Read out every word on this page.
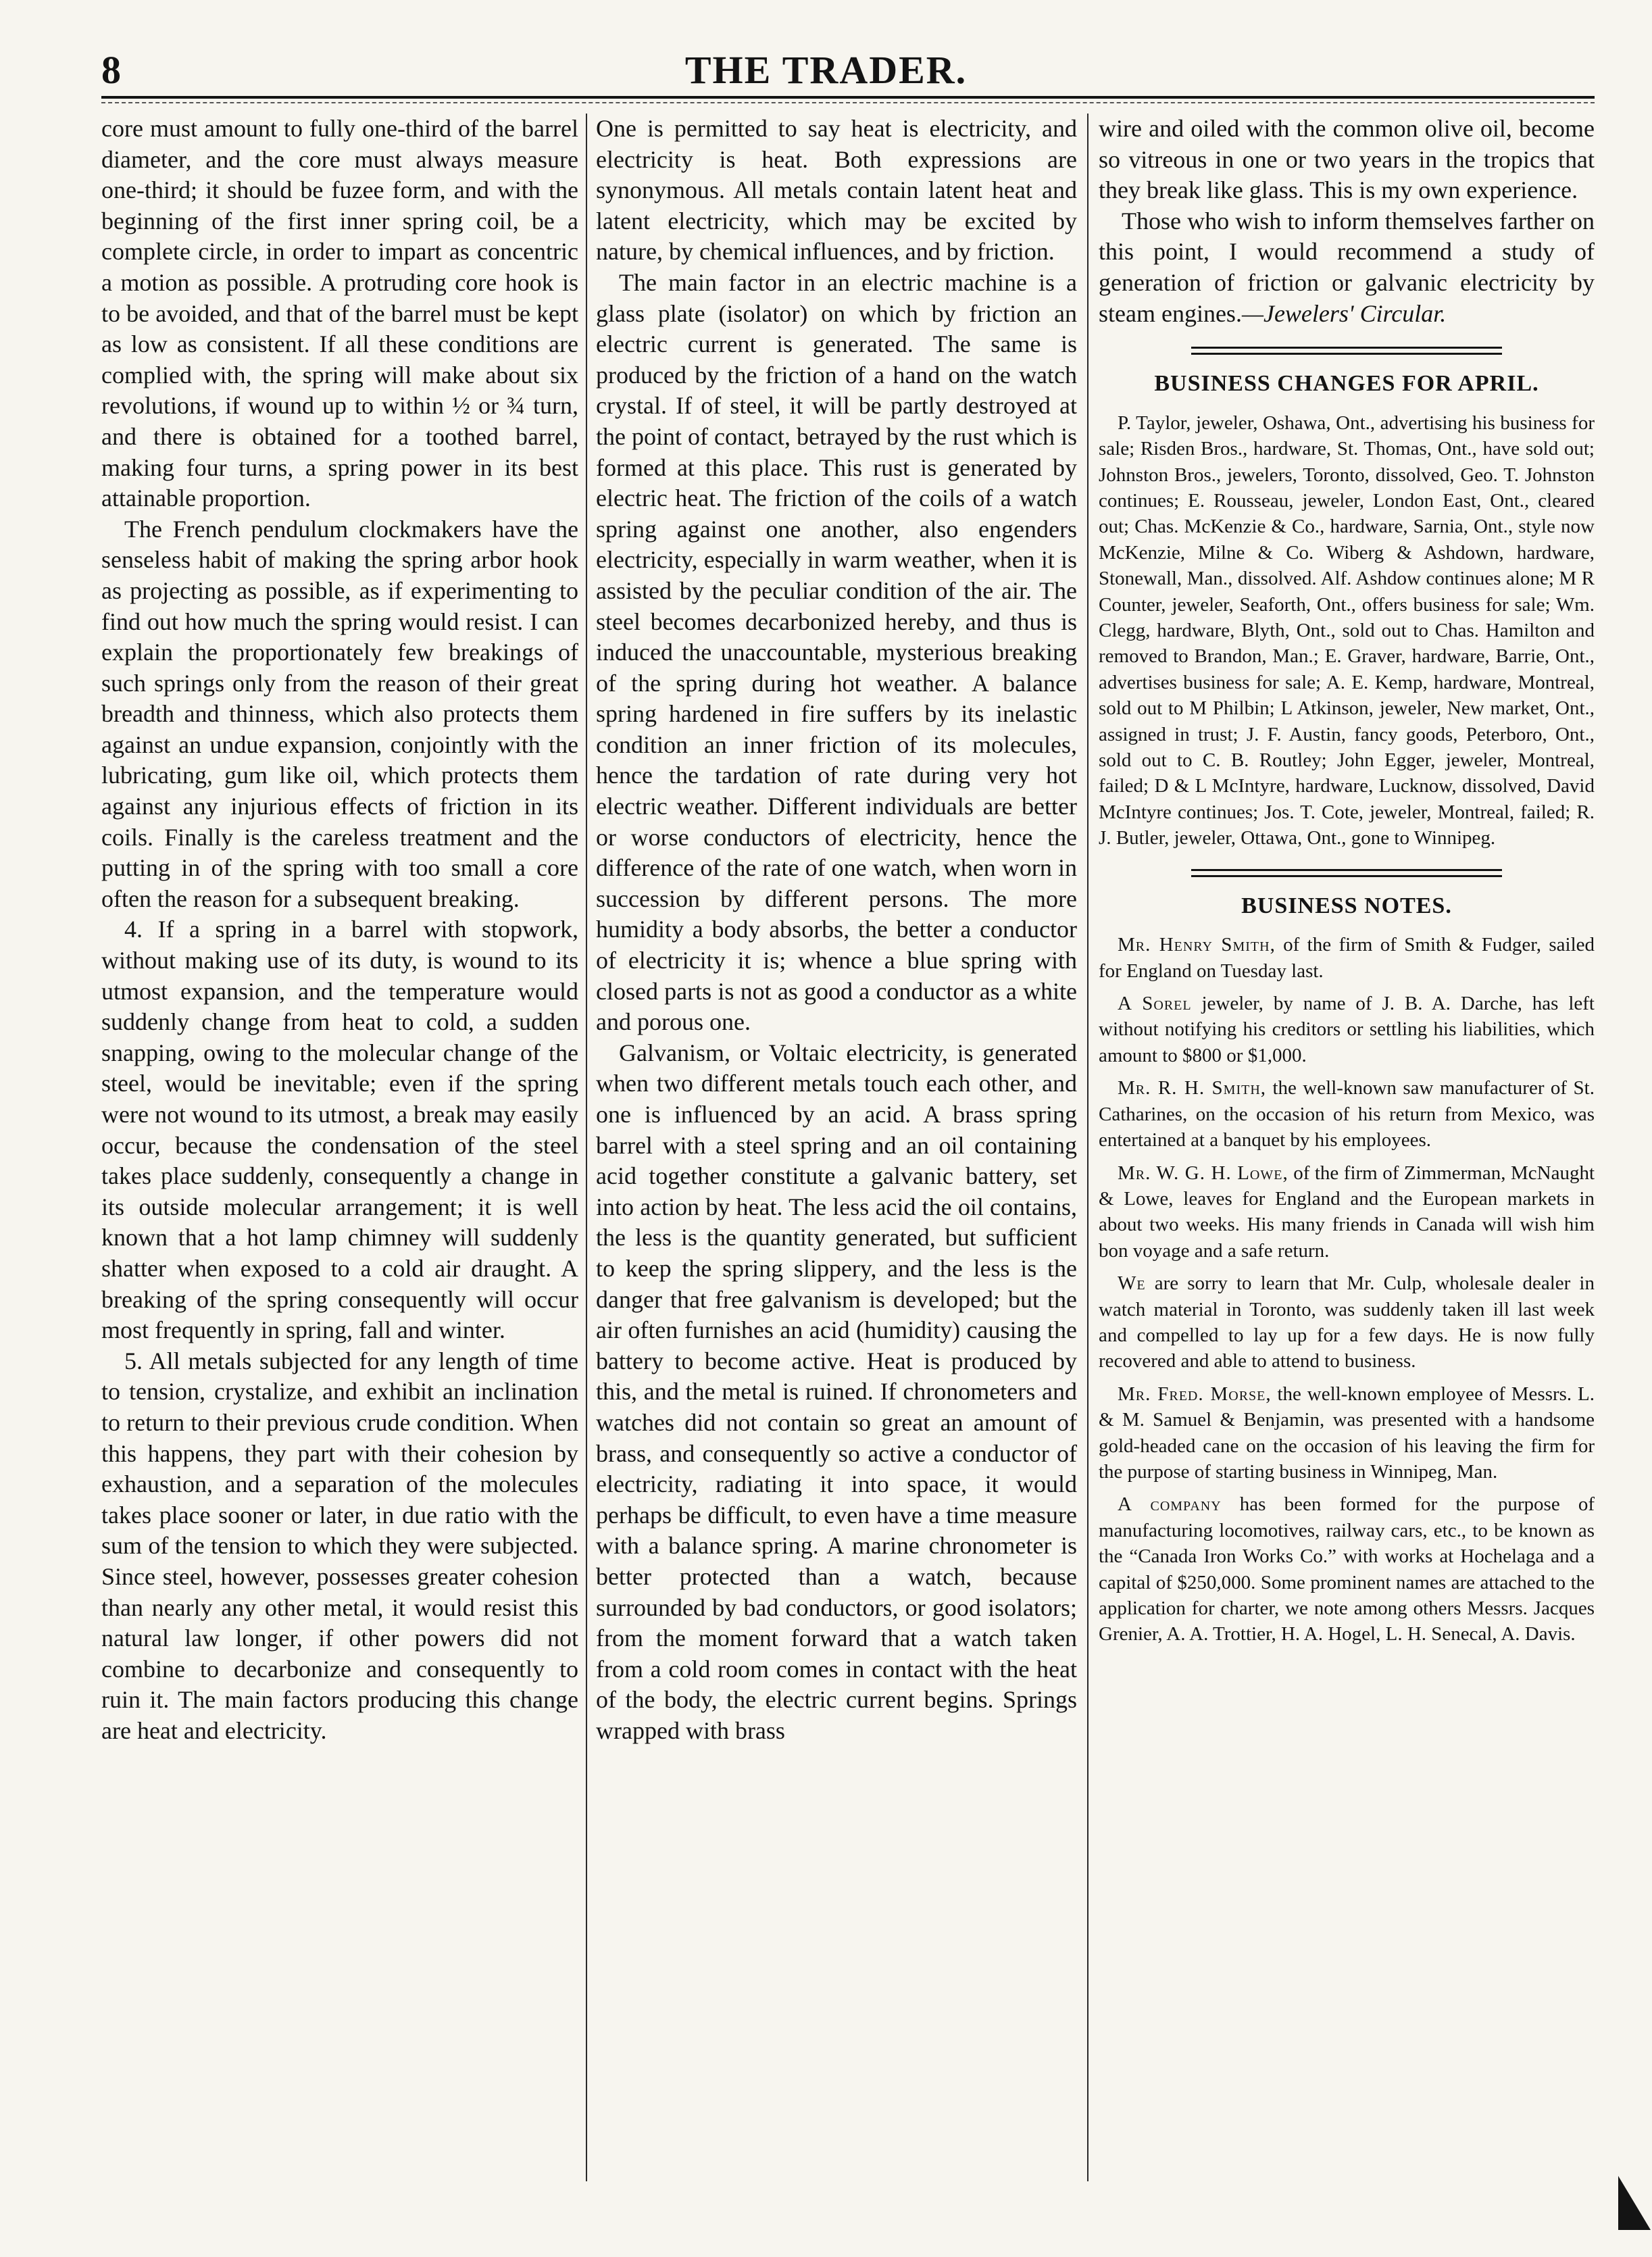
8	THE TRADER.

core must amount to fully one-third of the barrel diameter, and the core must always measure one-third; it should be fuzee form, and with the beginning of the first inner spring coil, be a complete circle, in order to impart as concentric a motion as possible. A protruding core hook is to be avoided, and that of the barrel must be kept as low as consistent. If all these conditions are complied with, the spring will make about six revolutions, if wound up to within ½ or ¾ turn, and there is obtained for a toothed barrel, making four turns, a spring power in its best attainable proportion.

The French pendulum clockmakers have the senseless habit of making the spring arbor hook as projecting as possible, as if experimenting to find out how much the spring would resist. I can explain the proportionately few breakings of such springs only from the reason of their great breadth and thinness, which also protects them against an undue expansion, conjointly with the lubricating, gum like oil, which protects them against any injurious effects of friction in its coils. Finally is the careless treatment and the putting in of the spring with too small a core often the reason for a subsequent breaking.

4. If a spring in a barrel with stopwork, without making use of its duty, is wound to its utmost expansion, and the temperature would suddenly change from heat to cold, a sudden snapping, owing to the molecular change of the steel, would be inevitable; even if the spring were not wound to its utmost, a break may easily occur, because the condensation of the steel takes place suddenly, consequently a change in its outside molecular arrangement; it is well known that a hot lamp chimney will suddenly shatter when exposed to a cold air draught. A breaking of the spring consequently will occur most frequently in spring, fall and winter.

5. All metals subjected for any length of time to tension, crystalize, and exhibit an inclination to return to their previous crude condition. When this happens, they part with their cohesion by exhaustion, and a separation of the molecules takes place sooner or later, in due ratio with the sum of the tension to which they were subjected. Since steel, however, possesses greater cohesion than nearly any other metal, it would resist this natural law longer, if other powers did not combine to decarbonize and consequently to ruin it. The main factors producing this change are heat and electricity.

One is permitted to say heat is electricity, and electricity is heat. Both expressions are synonymous. All metals contain latent heat and latent electricity, which may be excited by nature, by chemical influences, and by friction.

The main factor in an electric machine is a glass plate (isolator) on which by friction an electric current is generated. The same is produced by the friction of a hand on the watch crystal. If of steel, it will be partly destroyed at the point of contact, betrayed by the rust which is formed at this place. This rust is generated by electric heat. The friction of the coils of a watch spring against one another, also engenders electricity, especially in warm weather, when it is assisted by the peculiar condition of the air. The steel becomes decarbonized hereby, and thus is induced the unaccountable, mysterious breaking of the spring during hot weather. A balance spring hardened in fire suffers by its inelastic condition an inner friction of its molecules, hence the tardation of rate during very hot electric weather. Different individuals are better or worse conductors of electricity, hence the difference of the rate of one watch, when worn in succession by different persons. The more humidity a body absorbs, the better a conductor of electricity it is; whence a blue spring with closed parts is not as good a conductor as a white and porous one.

Galvanism, or Voltaic electricity, is generated when two different metals touch each other, and one is influenced by an acid. A brass spring barrel with a steel spring and an oil containing acid together constitute a galvanic battery, set into action by heat. The less acid the oil contains, the less is the quantity generated, but sufficient to keep the spring slippery, and the less is the danger that free galvanism is developed; but the air often furnishes an acid (humidity) causing the battery to become active. Heat is produced by this, and the metal is ruined. If chronometers and watches did not contain so great an amount of brass, and consequently so active a conductor of electricity, radiating it into space, it would perhaps be difficult, to even have a time measure with a balance spring. A marine chronometer is better protected than a watch, because surrounded by bad conductors, or good isolators; from the moment forward that a watch taken from a cold room comes in contact with the heat of the body, the electric current begins. Springs wrapped with brass

wire and oiled with the common olive oil, become so vitreous in one or two years in the tropics that they break like glass. This is my own experience.

Those who wish to inform themselves farther on this point, I would recommend a study of generation of friction or galvanic electricity by steam engines.—Jewelers' Circular.

BUSINESS CHANGES FOR APRIL.

P. Taylor, jeweler, Oshawa, Ont., advertising his business for sale; Risden Bros., hardware, St. Thomas, Ont., have sold out; Johnston Bros., jewelers, Toronto, dissolved, Geo. T. Johnston continues; E. Rousseau, jeweler, London East, Ont., cleared out; Chas. McKenzie & Co., hardware, Sarnia, Ont., style now McKenzie, Milne & Co. Wiberg & Ashdown, hardware, Stonewall, Man., dissolved. Alf. Ashdow continues alone; M R Counter, jeweler, Seaforth, Ont., offers business for sale; Wm. Clegg, hardware, Blyth, Ont., sold out to Chas. Hamilton and removed to Brandon, Man.; E. Graver, hardware, Barrie, Ont., advertises business for sale; A. E. Kemp, hardware, Montreal, sold out to M Philbin; L Atkinson, jeweler, New market, Ont., assigned in trust; J. F. Austin, fancy goods, Peterboro, Ont., sold out to C. B. Routley; John Egger, jeweler, Montreal, failed; D & L McIntyre, hardware, Lucknow, dissolved, David McIntyre continues; Jos. T. Cote, jeweler, Montreal, failed; R. J. Butler, jeweler, Ottawa, Ont., gone to Winnipeg.

BUSINESS NOTES.

Mr. Henry Smith, of the firm of Smith & Fudger, sailed for England on Tuesday last.

A Sorel jeweler, by name of J. B. A. Darche, has left without notifying his creditors or settling his liabilities, which amount to $800 or $1,000.

Mr. R. H. Smith, the well-known saw manufacturer of St. Catharines, on the occasion of his return from Mexico, was entertained at a banquet by his employees.

Mr. W. G. H. Lowe, of the firm of Zimmerman, McNaught & Lowe, leaves for England and the European markets in about two weeks. His many friends in Canada will wish him bon voyage and a safe return.

We are sorry to learn that Mr. Culp, wholesale dealer in watch material in Toronto, was suddenly taken ill last week and compelled to lay up for a few days. He is now fully recovered and able to attend to business.

Mr. Fred. Morse, the well-known employee of Messrs. L. & M. Samuel & Benjamin, was presented with a handsome gold-headed cane on the occasion of his leaving the firm for the purpose of starting business in Winnipeg, Man.

A company has been formed for the purpose of manufacturing locomotives, railway cars, etc., to be known as the “Canada Iron Works Co.” with works at Hochelaga and a capital of $250,000. Some prominent names are attached to the application for charter, we note among others Messrs. Jacques Grenier, A. A. Trottier, H. A. Hogel, L. H. Senecal, A. Davis.
